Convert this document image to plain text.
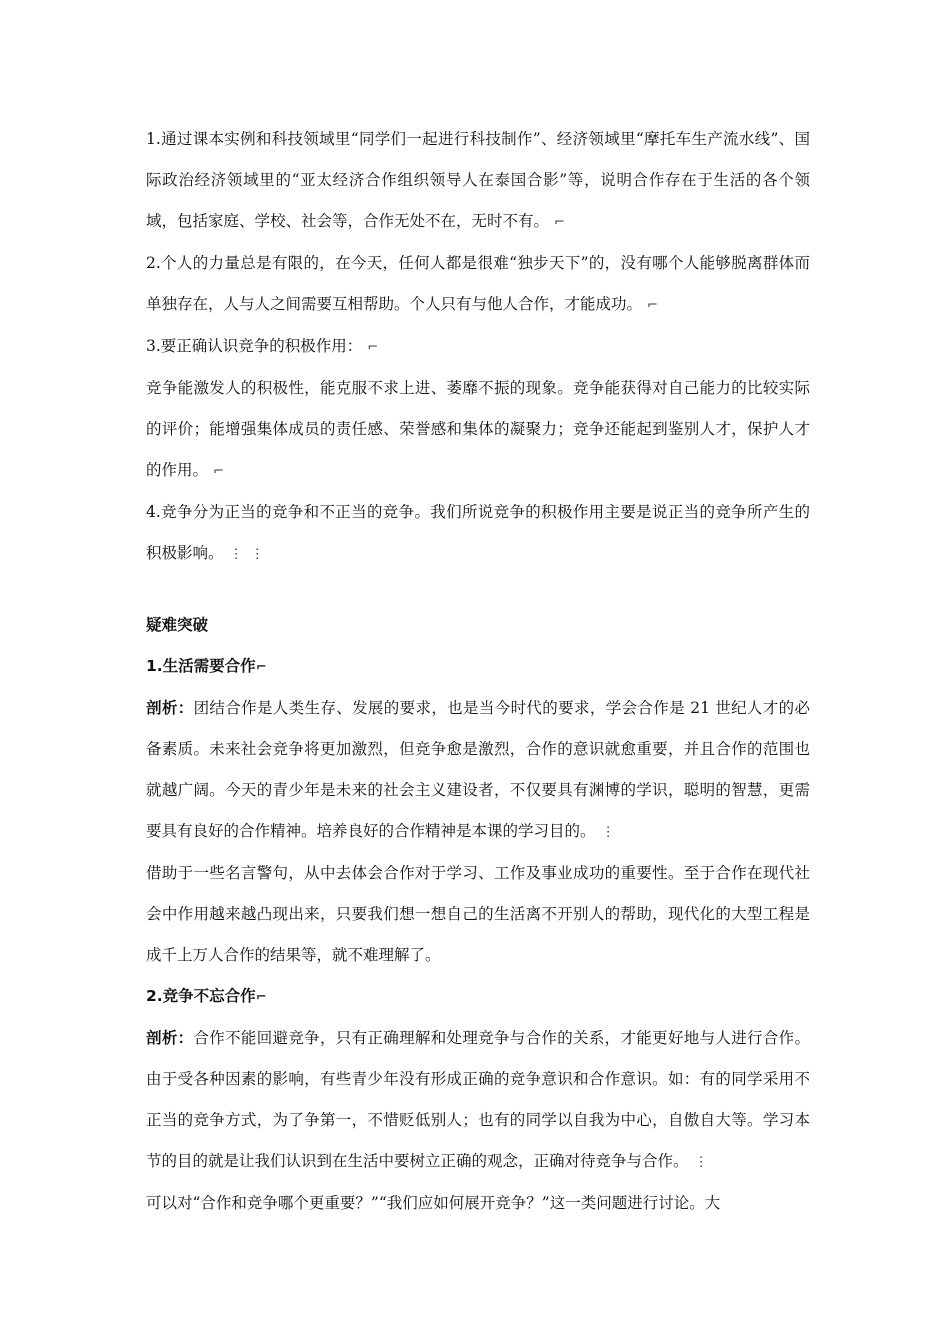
1.通过课本实例和科技领域里“同学们一起进行科技制作”、经济领域里“摩托车生产流水线”、国际政治经济领域里的“亚太经济合作组织领导人在泰国合影”等，说明合作存在于生活的各个领域，包括家庭、学校、社会等，合作无处不在，无时不有。 ⌐

2.个人的力量总是有限的，在今天，任何人都是很难“独步天下”的，没有哪个人能够脱离群体而单独存在，人与人之间需要互相帮助。个人只有与他人合作，才能成功。 ⌐

3.要正确认识竞争的积极作用： ⌐

竞争能激发人的积极性，能克服不求上进、萎靡不振的现象。竞争能获得对自己能力的比较实际的评价；能增强集体成员的责任感、荣誉感和集体的凝聚力；竞争还能起到鉴别人才，保护人才的作用。 ⌐

4.竞争分为正当的竞争和不正当的竞争。我们所说竞争的积极作用主要是说正当的竞争所产生的积极影响。 ⋮ ⋮

疑难突破

1.生活需要合作⌐

剖析：团结合作是人类生存、发展的要求，也是当今时代的要求，学会合作是 21 世纪人才的必备素质。未来社会竞争将更加激烈，但竞争愈是激烈，合作的意识就愈重要，并且合作的范围也就越广阔。今天的青少年是未来的社会主义建设者，不仅要具有渊博的学识，聪明的智慧，更需要具有良好的合作精神。培养良好的合作精神是本课的学习目的。 ⋮

借助于一些名言警句，从中去体会合作对于学习、工作及事业成功的重要性。至于合作在现代社会中作用越来越凸现出来，只要我们想一想自己的生活离不开别人的帮助，现代化的大型工程是成千上万人合作的结果等，就不难理解了。

2.竞争不忘合作⌐

剖析：合作不能回避竞争，只有正确理解和处理竞争与合作的关系，才能更好地与人进行合作。由于受各种因素的影响，有些青少年没有形成正确的竞争意识和合作意识。如：有的同学采用不正当的竞争方式，为了争第一，不惜贬低别人；也有的同学以自我为中心，自傲自大等。学习本节的目的就是让我们认识到在生活中要树立正确的观念，正确对待竞争与合作。 ⋮

可以对“合作和竞争哪个更重要？”“我们应如何展开竞争？”这一类问题进行讨论。大
